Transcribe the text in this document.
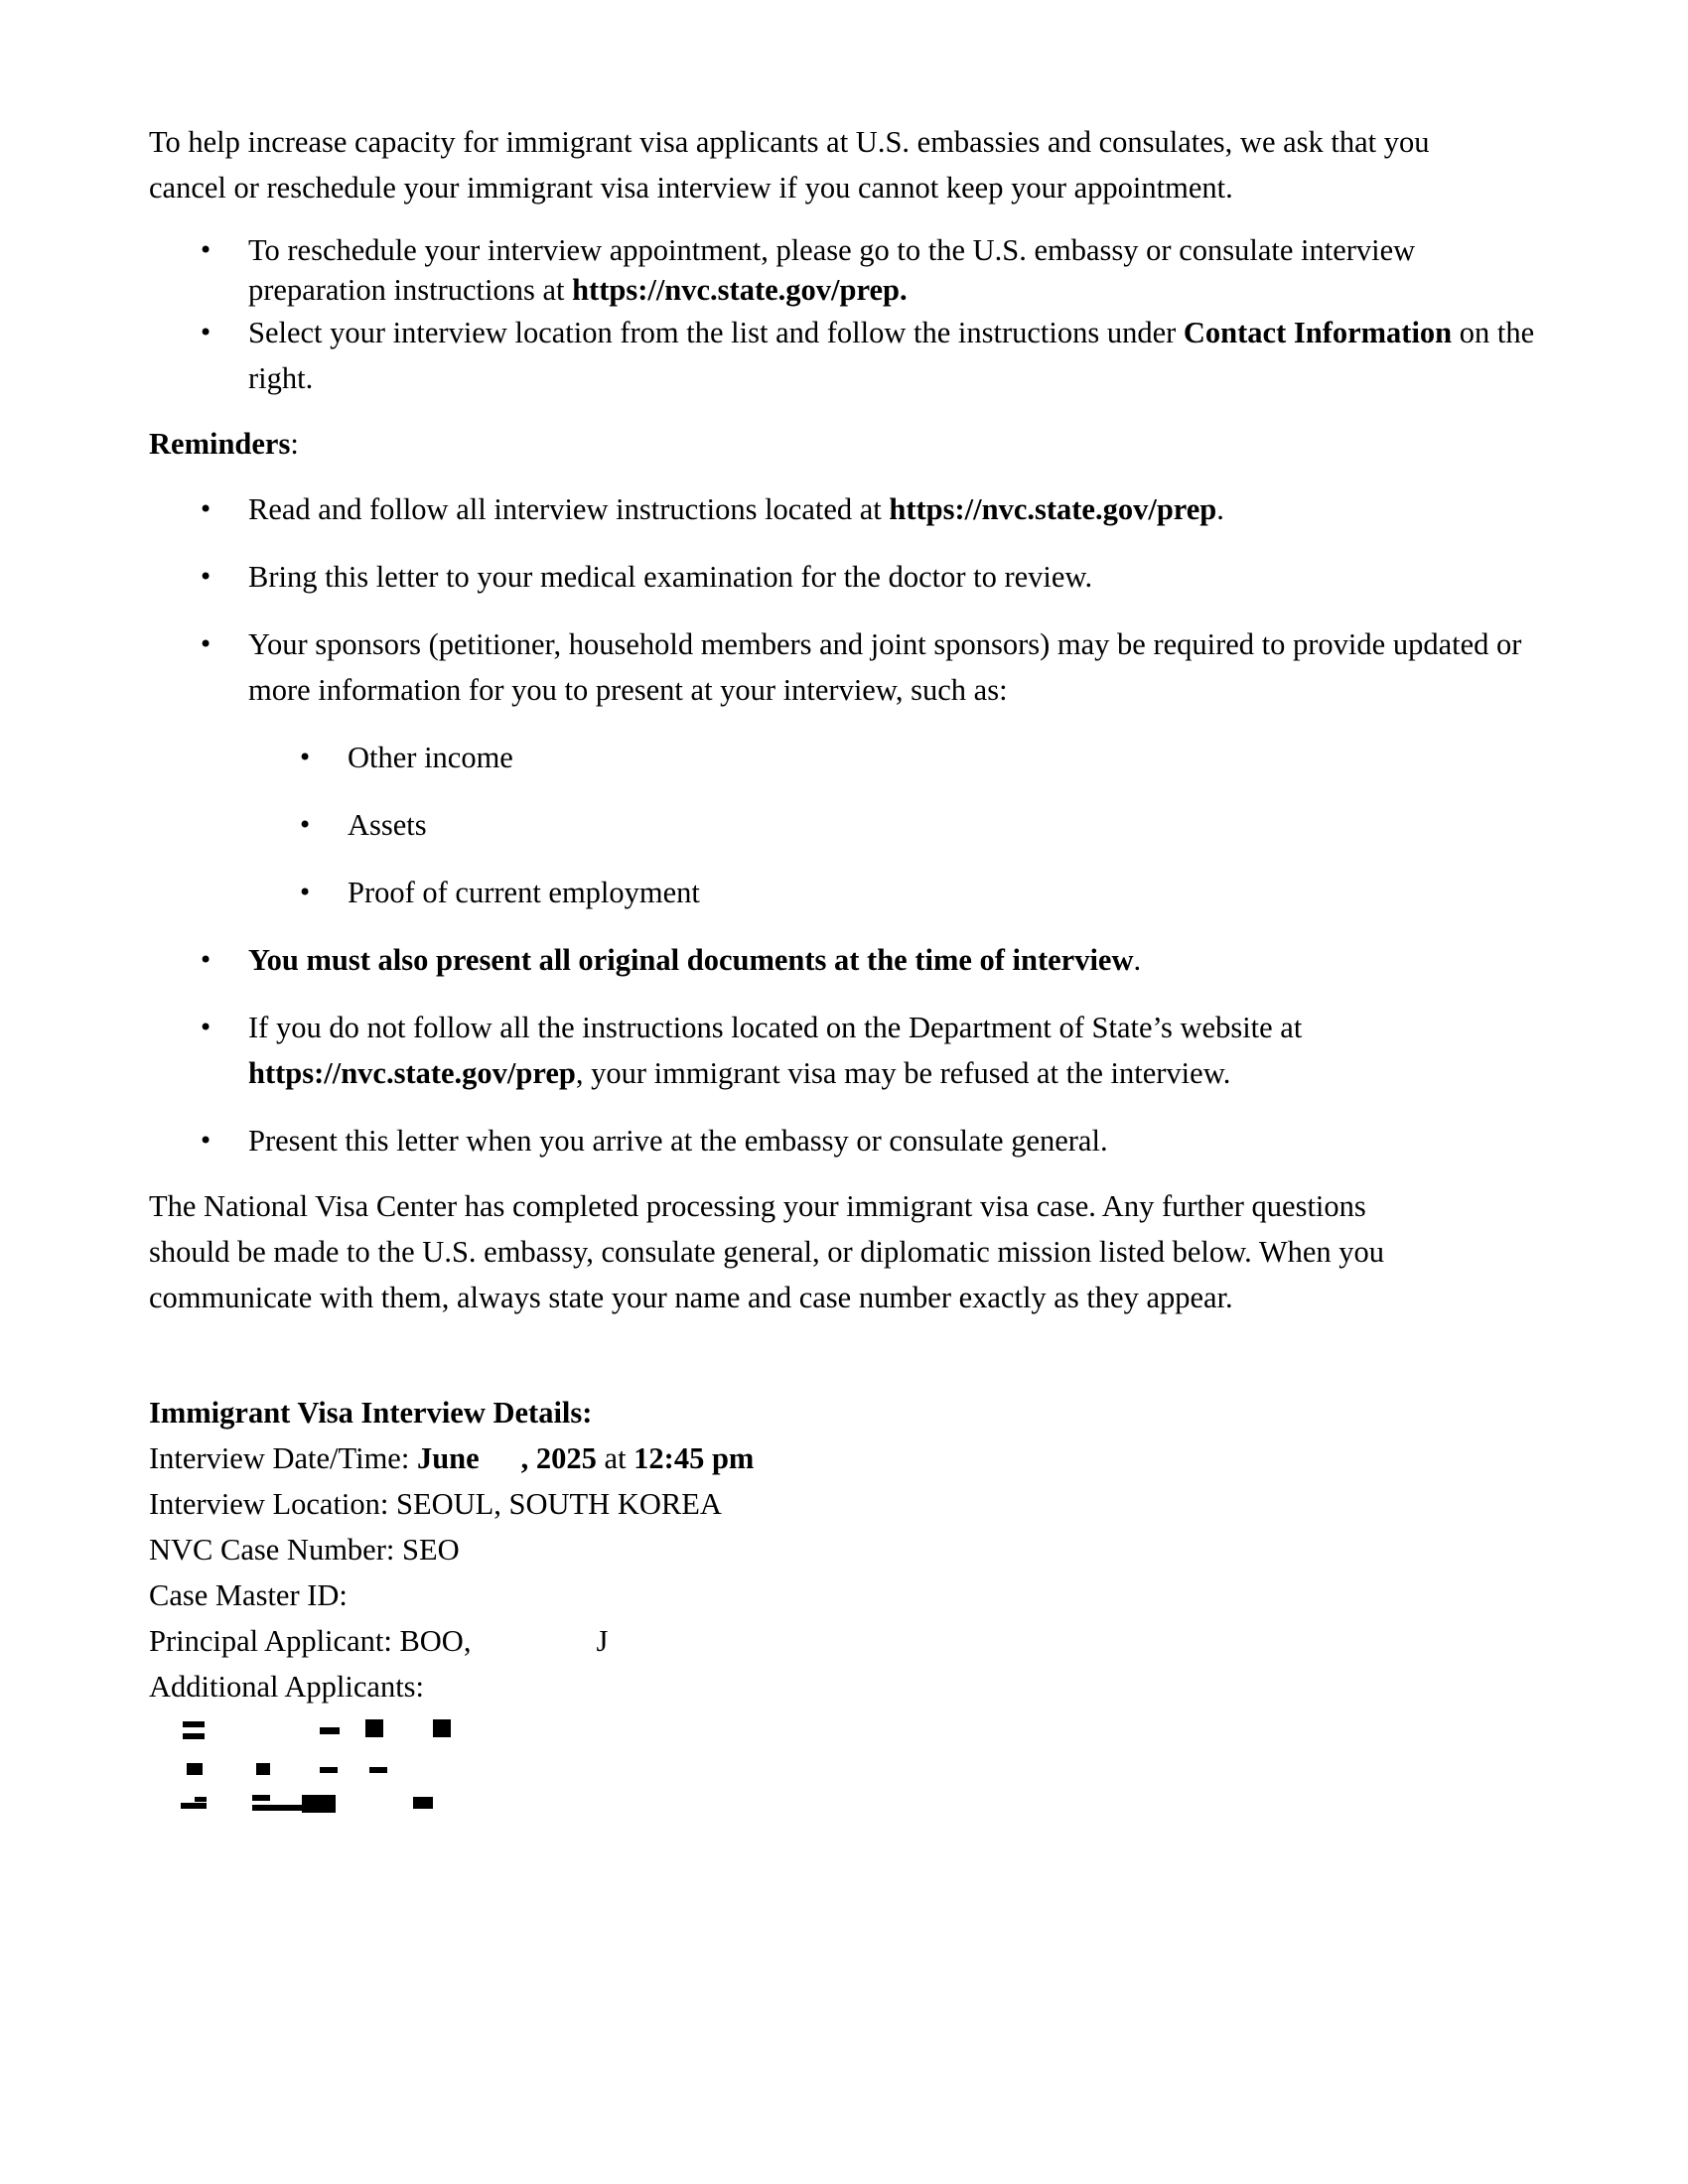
To help increase capacity for immigrant visa applicants at U.S. embassies and consulates, we ask that you cancel or reschedule your immigrant visa interview if you cannot keep your appointment.

• To reschedule your interview appointment, please go to the U.S. embassy or consulate interview preparation instructions at https://nvc.state.gov/prep.
• Select your interview location from the list and follow the instructions under Contact Information on the right.

Reminders:

• Read and follow all interview instructions located at https://nvc.state.gov/prep.
• Bring this letter to your medical examination for the doctor to review.
• Your sponsors (petitioner, household members and joint sponsors) may be required to provide updated or more information for you to present at your interview, such as:
• Other income
• Assets
• Proof of current employment
• You must also present all original documents at the time of interview.
• If you do not follow all the instructions located on the Department of State’s website at https://nvc.state.gov/prep, your immigrant visa may be refused at the interview.
• Present this letter when you arrive at the embassy or consulate general.

The National Visa Center has completed processing your immigrant visa case. Any further questions should be made to the U.S. embassy, consulate general, or diplomatic mission listed below. When you communicate with them, always state your name and case number exactly as they appear.

Immigrant Visa Interview Details:
Interview Date/Time: June , 2025 at 12:45 pm
Interview Location: SEOUL, SOUTH KOREA
NVC Case Number: SEO
Case Master ID:
Principal Applicant: BOO,	J
Additional Applicants:
